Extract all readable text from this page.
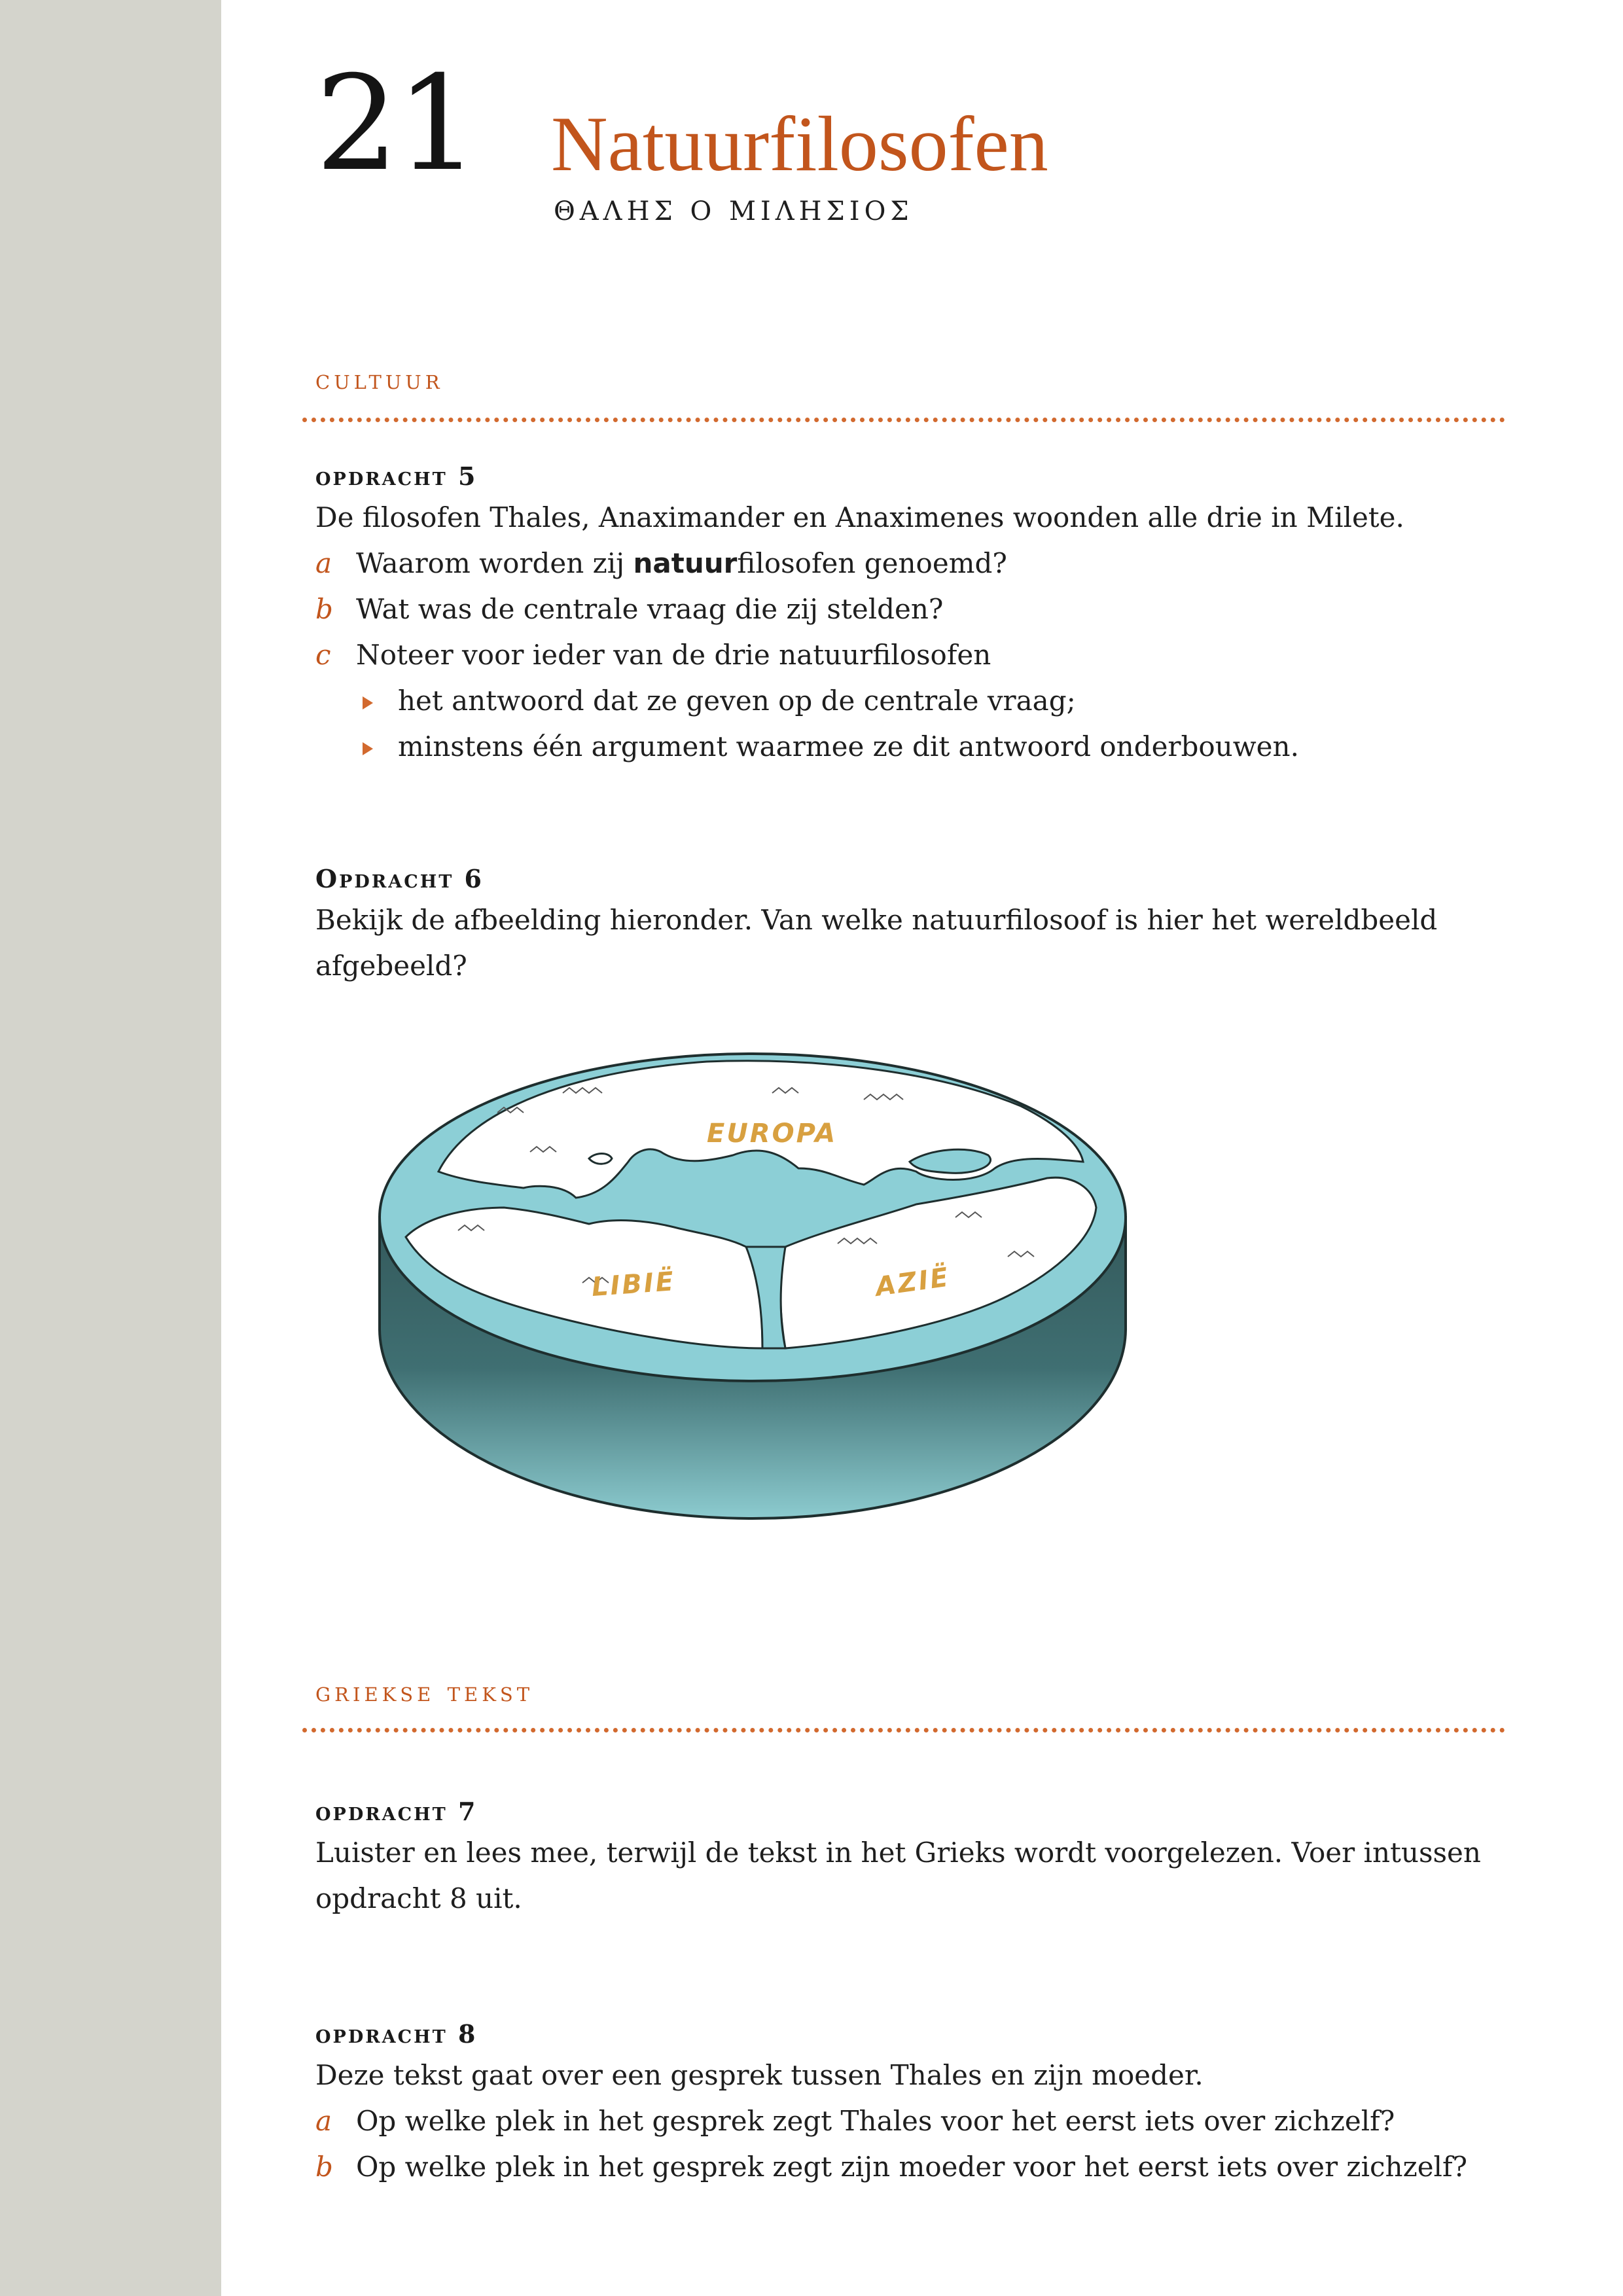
21 Natuurfilosofen
ΘΑΛΗΣ Ο ΜΙΛΗΣΙΟΣ
cultuur
opdracht 5
De filosofen Thales, Anaximander en Anaximenes woonden alle drie in Milete.
a Waarom worden zij natuurfilosofen genoemd?
b Wat was de centrale vraag die zij stelden?
c Noteer voor ieder van de drie natuurfilosofen
het antwoord dat ze geven op de centrale vraag;
minstens één argument waarmee ze dit antwoord onderbouwen.
Opdracht 6
Bekijk de afbeelding hieronder. Van welke natuurfilosoof is hier het wereldbeeld
afgebeeld?
EUROPA
LIBIË	AZIË
griekse tekst
opdracht 7
Luister en lees mee, terwijl de tekst in het Grieks wordt voorgelezen. Voer intussen
opdracht 8 uit.
opdracht 8
Deze tekst gaat over een gesprek tussen Thales en zijn moeder.
a Op welke plek in het gesprek zegt Thales voor het eerst iets over zichzelf?
b Op welke plek in het gesprek zegt zijn moeder voor het eerst iets over zichzelf?
